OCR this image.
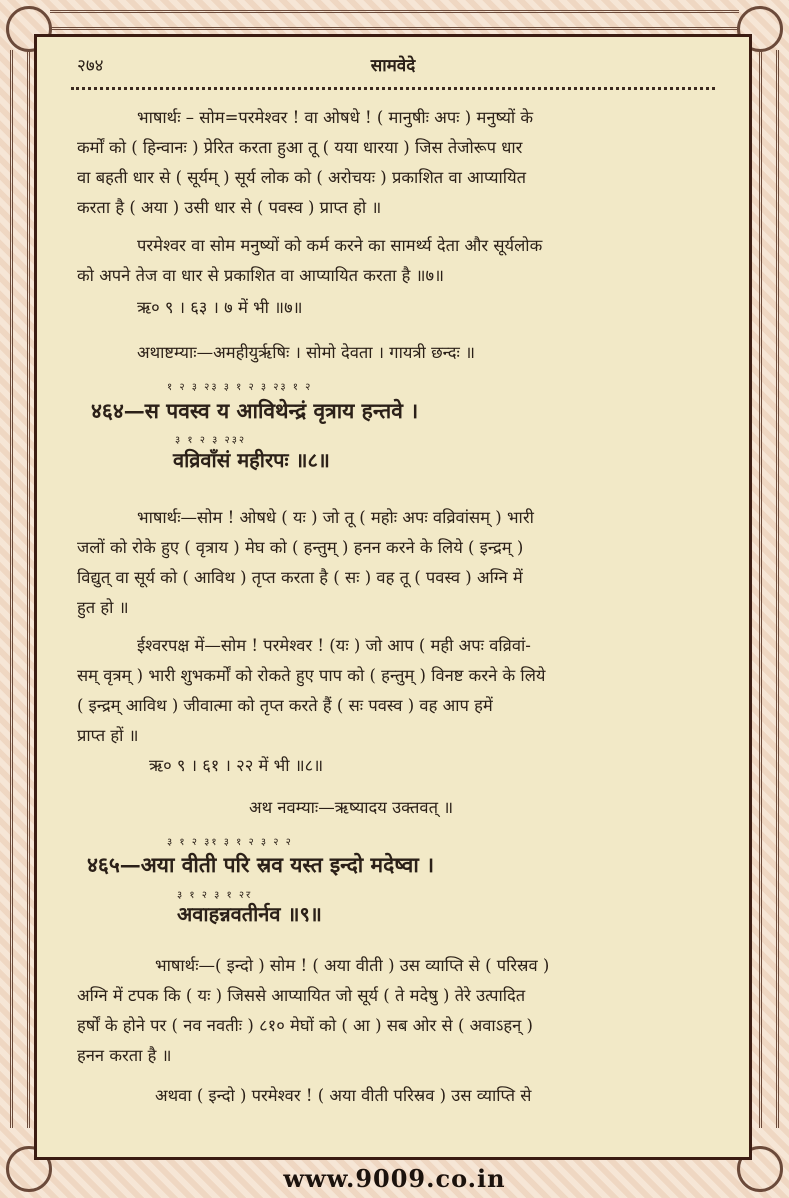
२७४	सामवेदे
भाषार्थः – सोम=परमेश्वर ! वा ओषधे ! ( मानुषीः अपः ) मनुष्यों के
कर्मों को ( हिन्वानः ) प्रेरित करता हुआ तू ( यया धारया ) जिस तेजोरूप धार
वा बहती धार से ( सूर्यम् ) सूर्य लोक को ( अरोचयः ) प्रकाशित वा आप्यायित
करता है ( अया ) उसी धार से ( पवस्व ) प्राप्त हो ॥
परमेश्वर वा सोम मनुष्यों को कर्म करने का सामर्थ्य देता और सूर्यलोक
को अपने तेज वा धार से प्रकाशित वा आप्यायित करता है ॥७॥
ऋ० ९ । ६३ । ७ में भी ॥७॥
अथाष्टम्याः—अमहीयुर्ऋषिः । सोमो देवता । गायत्री छन्दः ॥
१ २ ३ २३ ३ १ २ ३ २३ १ २
४६४—स पवस्व य आविथेन्द्रं वृत्राय हन्तवे ।
३ १ २ ३ २३२
वव्रिवाँसं महीरपः ॥८॥
भाषार्थः—सोम ! ओषधे ( यः ) जो तू ( महोः अपः वव्रिवांसम् ) भारी
जलों को रोके हुए ( वृत्राय ) मेघ को ( हन्तुम् ) हनन करने के लिये ( इन्द्रम् )
विद्युत् वा सूर्य को ( आविथ ) तृप्त करता है ( सः ) वह तू ( पवस्व ) अग्नि में
हुत हो ॥
ईश्वरपक्ष में—सोम ! परमेश्वर ! (यः ) जो आप ( मही अपः वव्रिवां-
सम् वृत्रम् ) भारी शुभकर्मों को रोकते हुए पाप को ( हन्तुम् ) विनष्ट करने के लिये
( इन्द्रम् आविथ ) जीवात्मा को तृप्त करते हैं ( सः पवस्व ) वह आप हमें
प्राप्त हों ॥
ऋ० ९ । ६१ । २२ में भी ॥८॥
अथ नवम्याः—ऋष्यादय उक्तवत् ॥
३ १ २ ३१ ३ १ २ ३ २ २
४६५—अया वीती परि स्रव यस्त इन्दो मदेष्वा ।
३ १ २ ३ १ २र
अवाहन्नवतीर्नव ॥९॥
भाषार्थः—( इन्दो ) सोम ! ( अया वीती ) उस व्याप्ति से ( परिस्रव )
अग्नि में टपक कि ( यः ) जिससे आप्यायित जो सूर्य ( ते मदेषु ) तेरे उत्पादित
हर्षों के होने पर ( नव नवतीः ) ८१० मेघों को ( आ ) सब ओर से ( अवाऽहन् )
हनन करता है ॥
अथवा ( इन्दो ) परमेश्वर ! ( अया वीती परिस्रव ) उस व्याप्ति से
www.9009.co.in
